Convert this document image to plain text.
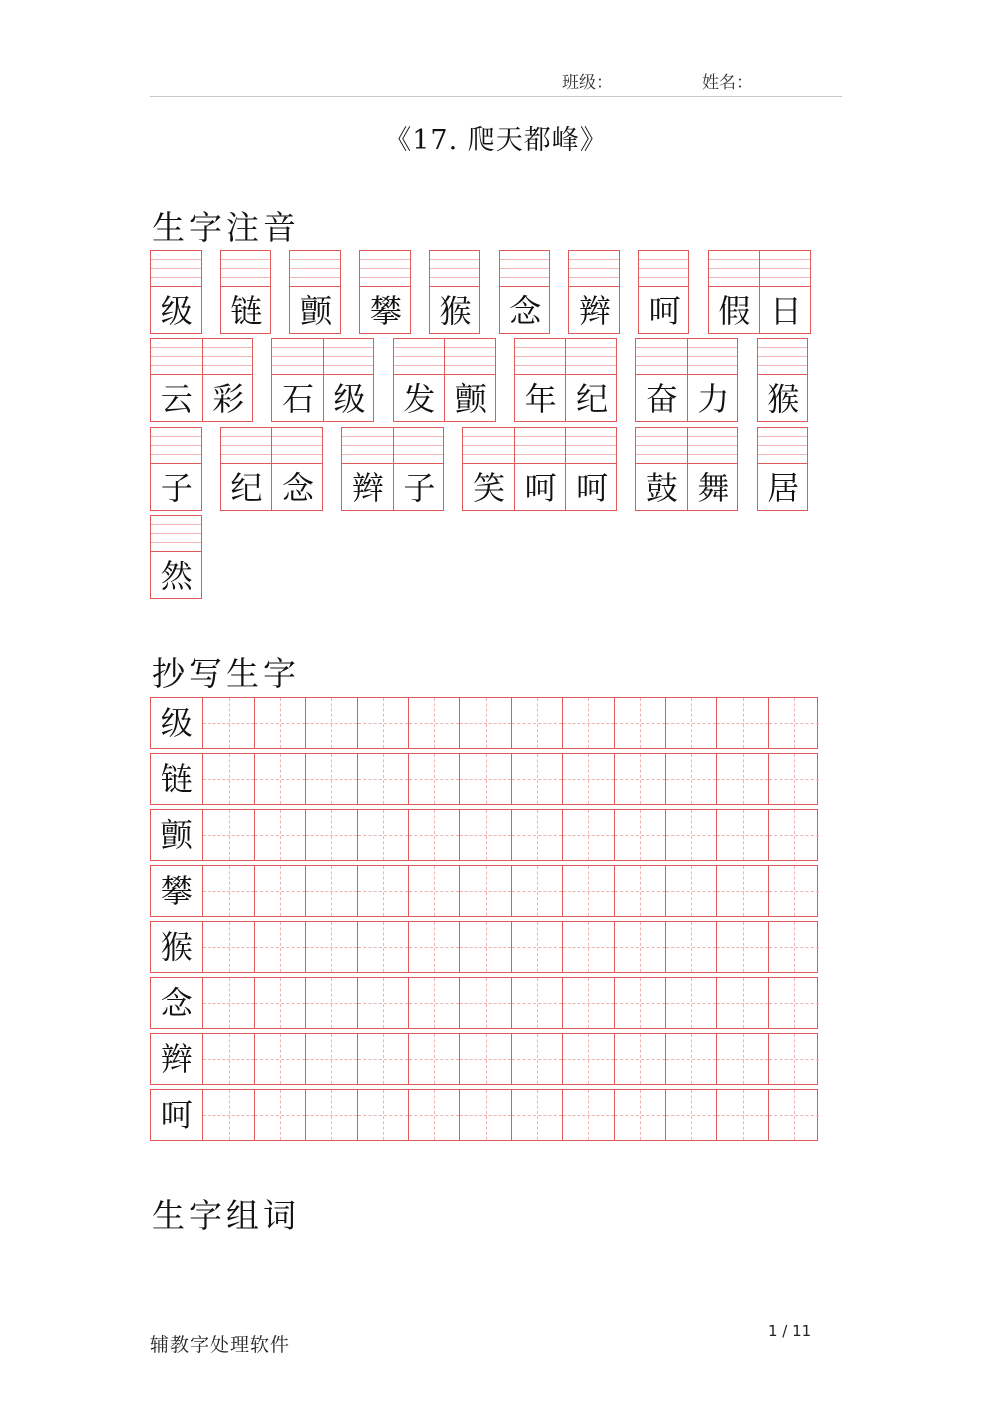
班级：	姓名：
《17. 爬天都峰》
生字注音
级	链	颤	攀	猴	念	辫	呵	假 日
云 彩	石 级	发 颤	年 纪	奋 力	猴
子	纪 念	辫 子	笑 呵 呵	鼓 舞	居
然
抄写生字
级
链
颤
攀
猴
念
辫
呵
生字组词
辅教字处理软件
1 / 11
